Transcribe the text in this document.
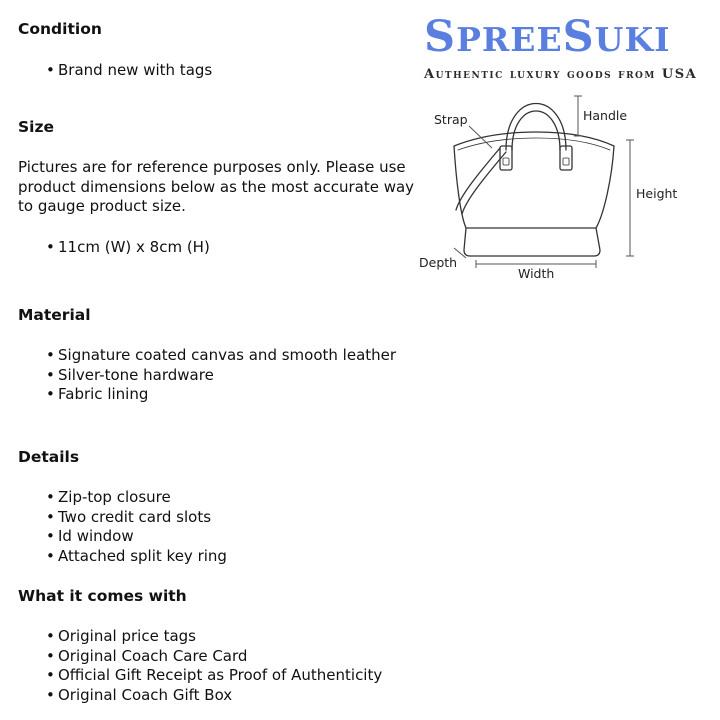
Condition
• Brand new with tags
Size

Pictures are for reference purposes only. Please use product dimensions below as the most accurate way to gauge product size.

• 11cm (W) x 8cm (H)
Material
• Signature coated canvas and smooth leather
• Silver-tone hardware
• Fabric lining
Details
• Zip-top closure
• Two credit card slots
• Id window
• Attached split key ring
What it comes with
• Original price tags
• Original Coach Care Card
• Official Gift Receipt as Proof of Authenticity
• Original Coach Gift Box
SPREESUKI
Authentic luxury goods from USA
Strap	Handle
Height
Depth
Width
